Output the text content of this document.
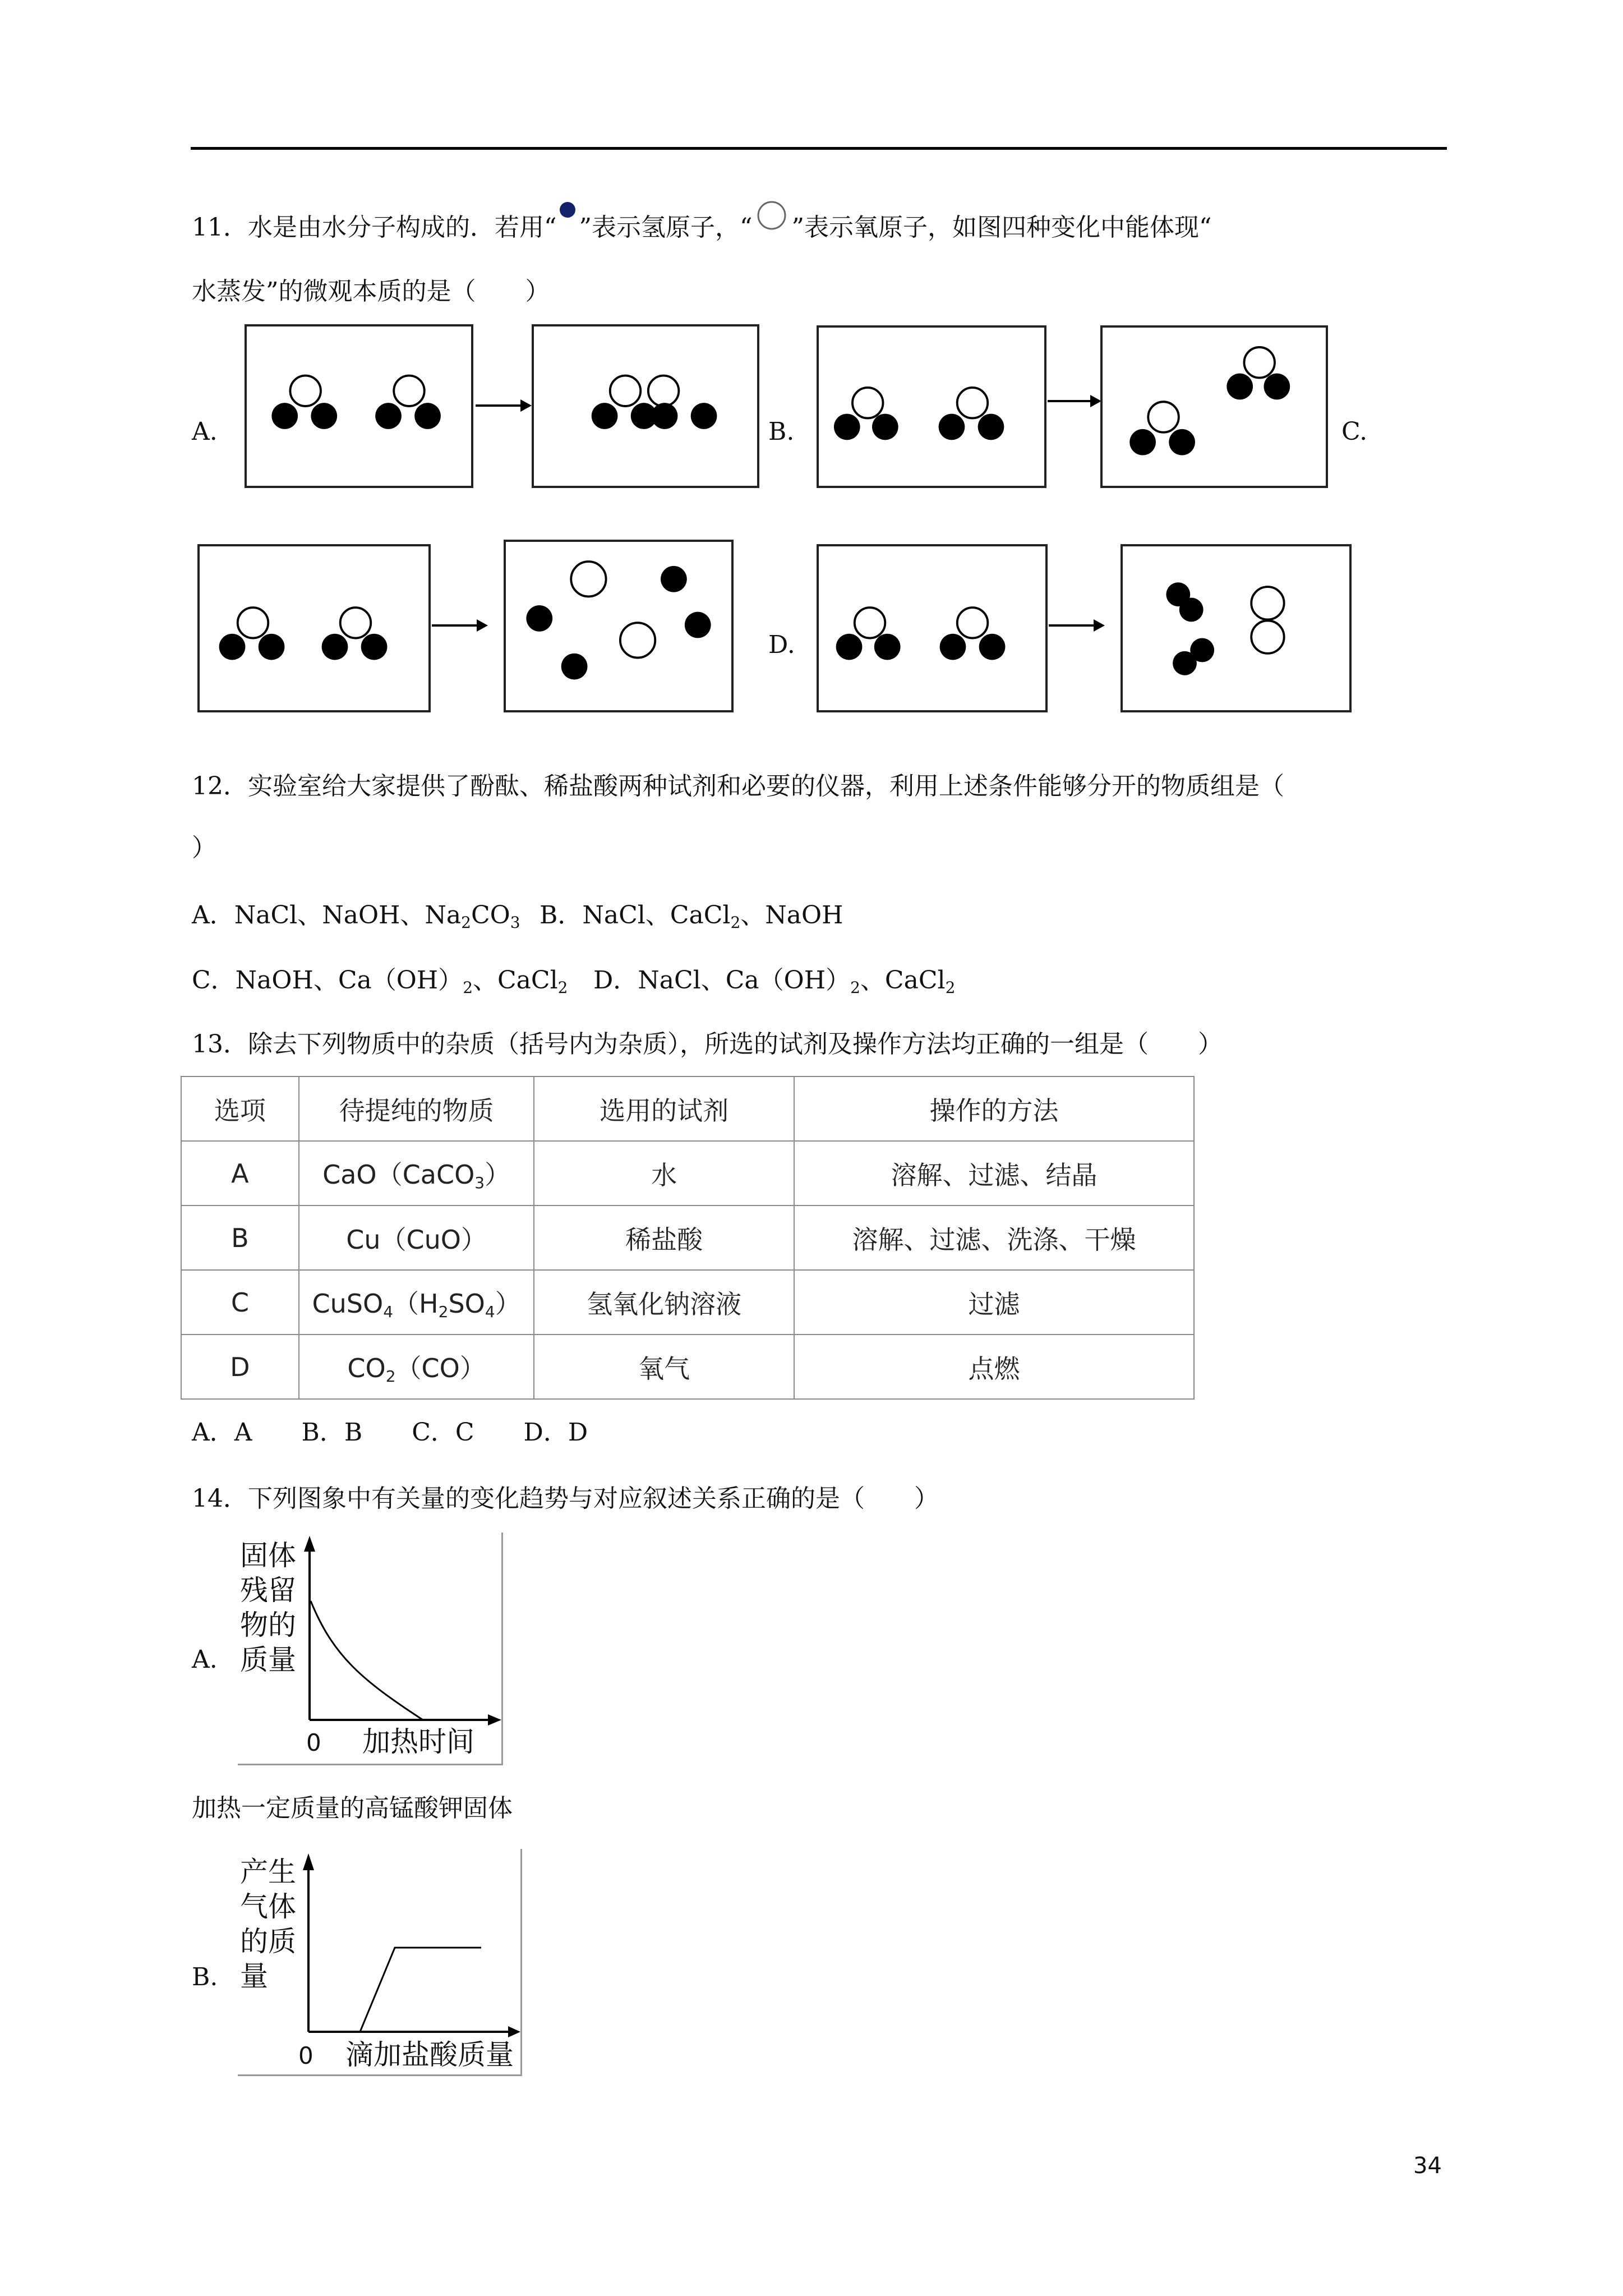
11．水是由水分子构成的．若用“ ”表示氢原子，“ ”表示氧原子，如图四种变化中能体现“
水蒸发”的微观本质的是（　　）
A.	B.	C.
D.
12．实验室给大家提供了酚酞、稀盐酸两种试剂和必要的仪器，利用上述条件能够分开的物质组是（
）
A．NaCl、NaOH、$Na_2CO_3$ B．NaCl、CaCl$_2$、NaOH
C．NaOH、$Ca(OH)_2$、CaCl$_2$ D．NaCl、$Ca(OH)_2$、CaCl$_2$
13．除去下列物质中的杂质（括号内为杂质），所选的试剂及操作方法均正确的一组是（　　）
选项	待提纯的物质	选用的试剂	操作的方法
A	CaO（CaCO$_3$）	水	溶解、过滤、结晶
B	Cu（CuO）	稀盐酸	溶解、过滤、洗涤、干燥
C	$CuSO_4(H_2SO_4)$	氢氧化钠溶液	过滤
D	$CO_2(CO)$	氧气	点燃
A．A　　B．B　　C．C　　D．D
14．下列图象中有关量的变化趋势与对应叙述关系正确的是（　　）
A.
固体
残留
物的
质量
0 加热时间
加热一定质量的高锰酸钾固体
B.
产生
气体
的质
量
0 滴加盐酸质量
34
